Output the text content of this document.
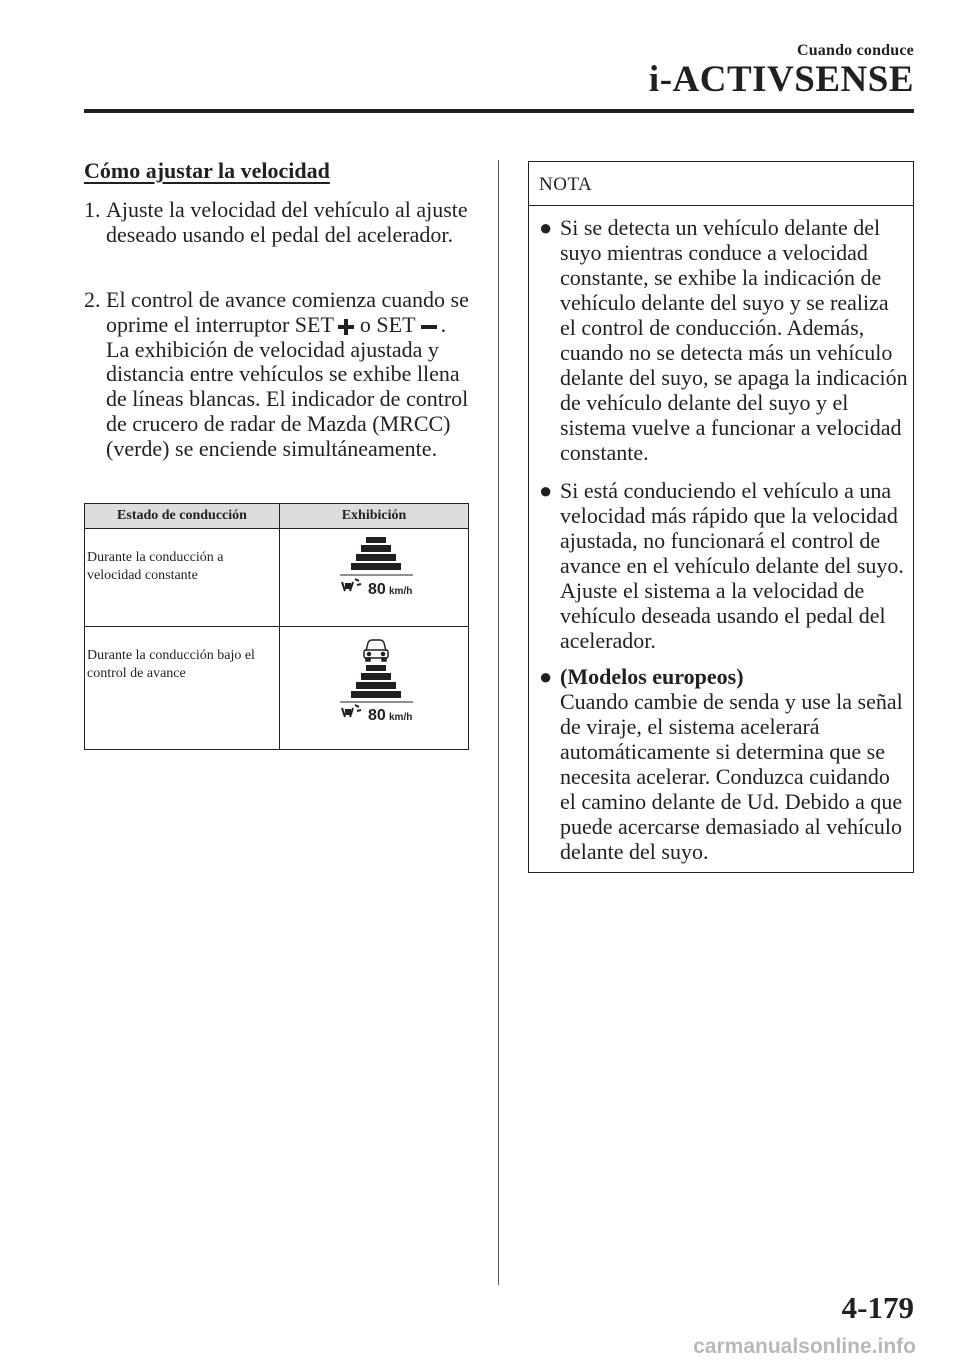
Cuando conduce
i-ACTIVSENSE
Cómo ajustar la velocidad
1. Ajuste la velocidad del vehículo al ajuste deseado usando el pedal del acelerador.
2. El control de avance comienza cuando se oprime el interruptor SET o SET . La exhibición de velocidad ajustada y distancia entre vehículos se exhibe llena de líneas blancas. El indicador de control de crucero de radar de Mazda (MRCC) (verde) se enciende simultáneamente.
Estado de conducción	Exhibición
Durante la conducción a velocidad constante	80 km/h

Durante la conducción bajo el control de avance	80 km/h
NOTA
● Si se detecta un vehículo delante del suyo mientras conduce a velocidad constante, se exhibe la indicación de vehículo delante del suyo y se realiza el control de conducción. Además, cuando no se detecta más un vehículo delante del suyo, se apaga la indicación de vehículo delante del suyo y el sistema vuelve a funcionar a velocidad constante.
● Si está conduciendo el vehículo a una velocidad más rápido que la velocidad ajustada, no funcionará el control de avance en el vehículo delante del suyo. Ajuste el sistema a la velocidad de vehículo deseada usando el pedal del acelerador.
● (Modelos europeos)
Cuando cambie de senda y use la señal de viraje, el sistema acelerará automáticamente si determina que se necesita acelerar. Conduzca cuidando el camino delante de Ud. Debido a que puede acercarse demasiado al vehículo delante del suyo.
4-179
carmanualsonline.info
